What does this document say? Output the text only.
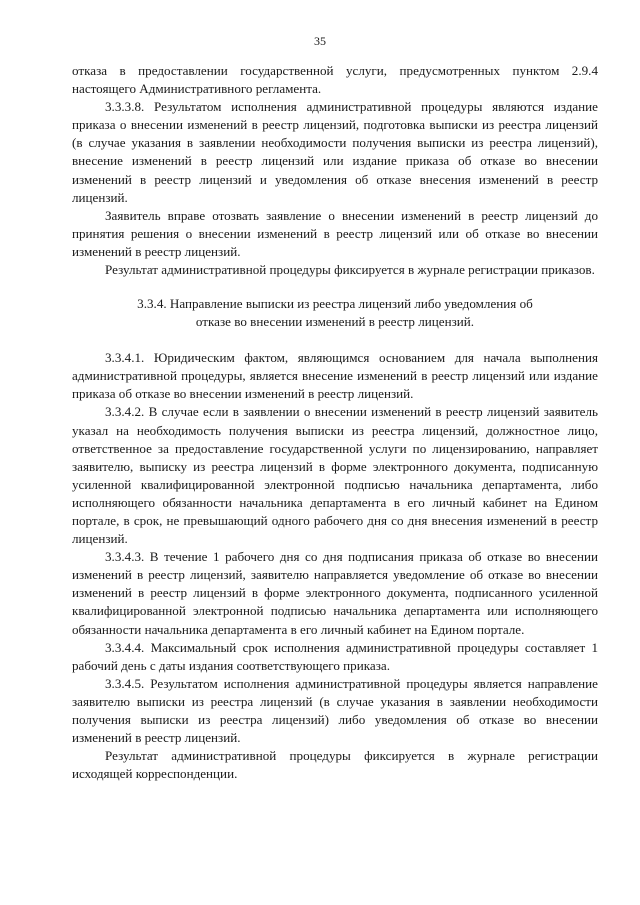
35

отказа в предоставлении государственной услуги, предусмотренных пунктом 2.9.4 настоящего Административного регламента.

3.3.3.8. Результатом исполнения административной процедуры являются издание приказа о внесении изменений в реестр лицензий, подготовка выписки из реестра лицензий (в случае указания в заявлении необходимости получения выписки из реестра лицензий), внесение изменений в реестр лицензий или издание приказа об отказе во внесении изменений в реестр лицензий и уведомления об отказе внесения изменений в реестр лицензий.

Заявитель вправе отозвать заявление о внесении изменений в реестр лицензий до принятия решения о внесении изменений в реестр лицензий или об отказе во внесении изменений в реестр лицензий.

Результат административной процедуры фиксируется в журнале регистрации приказов.

3.3.4. Направление выписки из реестра лицензий либо уведомления об
отказе во внесении изменений в реестр лицензий.

3.3.4.1. Юридическим фактом, являющимся основанием для начала выполнения административной процедуры, является внесение изменений в реестр лицензий или издание приказа об отказе во внесении изменений в реестр лицензий.

3.3.4.2. В случае если в заявлении о внесении изменений в реестр лицензий заявитель указал на необходимость получения выписки из реестра лицензий, должностное лицо, ответственное за предоставление государственной услуги по лицензированию, направляет заявителю, выписку из реестра лицензий в форме электронного документа, подписанную усиленной квалифицированной электронной подписью начальника департамента, либо исполняющего обязанности начальника департамента в его личный кабинет на Едином портале, в срок, не превышающий одного рабочего дня со дня внесения изменений в реестр лицензий.

3.3.4.3. В течение 1 рабочего дня со дня подписания приказа об отказе во внесении изменений в реестр лицензий, заявителю направляется уведомление об отказе во внесении изменений в реестр лицензий в форме электронного документа, подписанного усиленной квалифицированной электронной подписью начальника департамента или исполняющего обязанности начальника департамента в его личный кабинет на Едином портале.

3.3.4.4. Максимальный срок исполнения административной процедуры составляет 1 рабочий день с даты издания соответствующего приказа.

3.3.4.5. Результатом исполнения административной процедуры является направление заявителю выписки из реестра лицензий (в случае указания в заявлении необходимости получения выписки из реестра лицензий) либо уведомления об отказе во внесении изменений в реестр лицензий.

Результат административной процедуры фиксируется в журнале регистрации исходящей корреспонденции.
